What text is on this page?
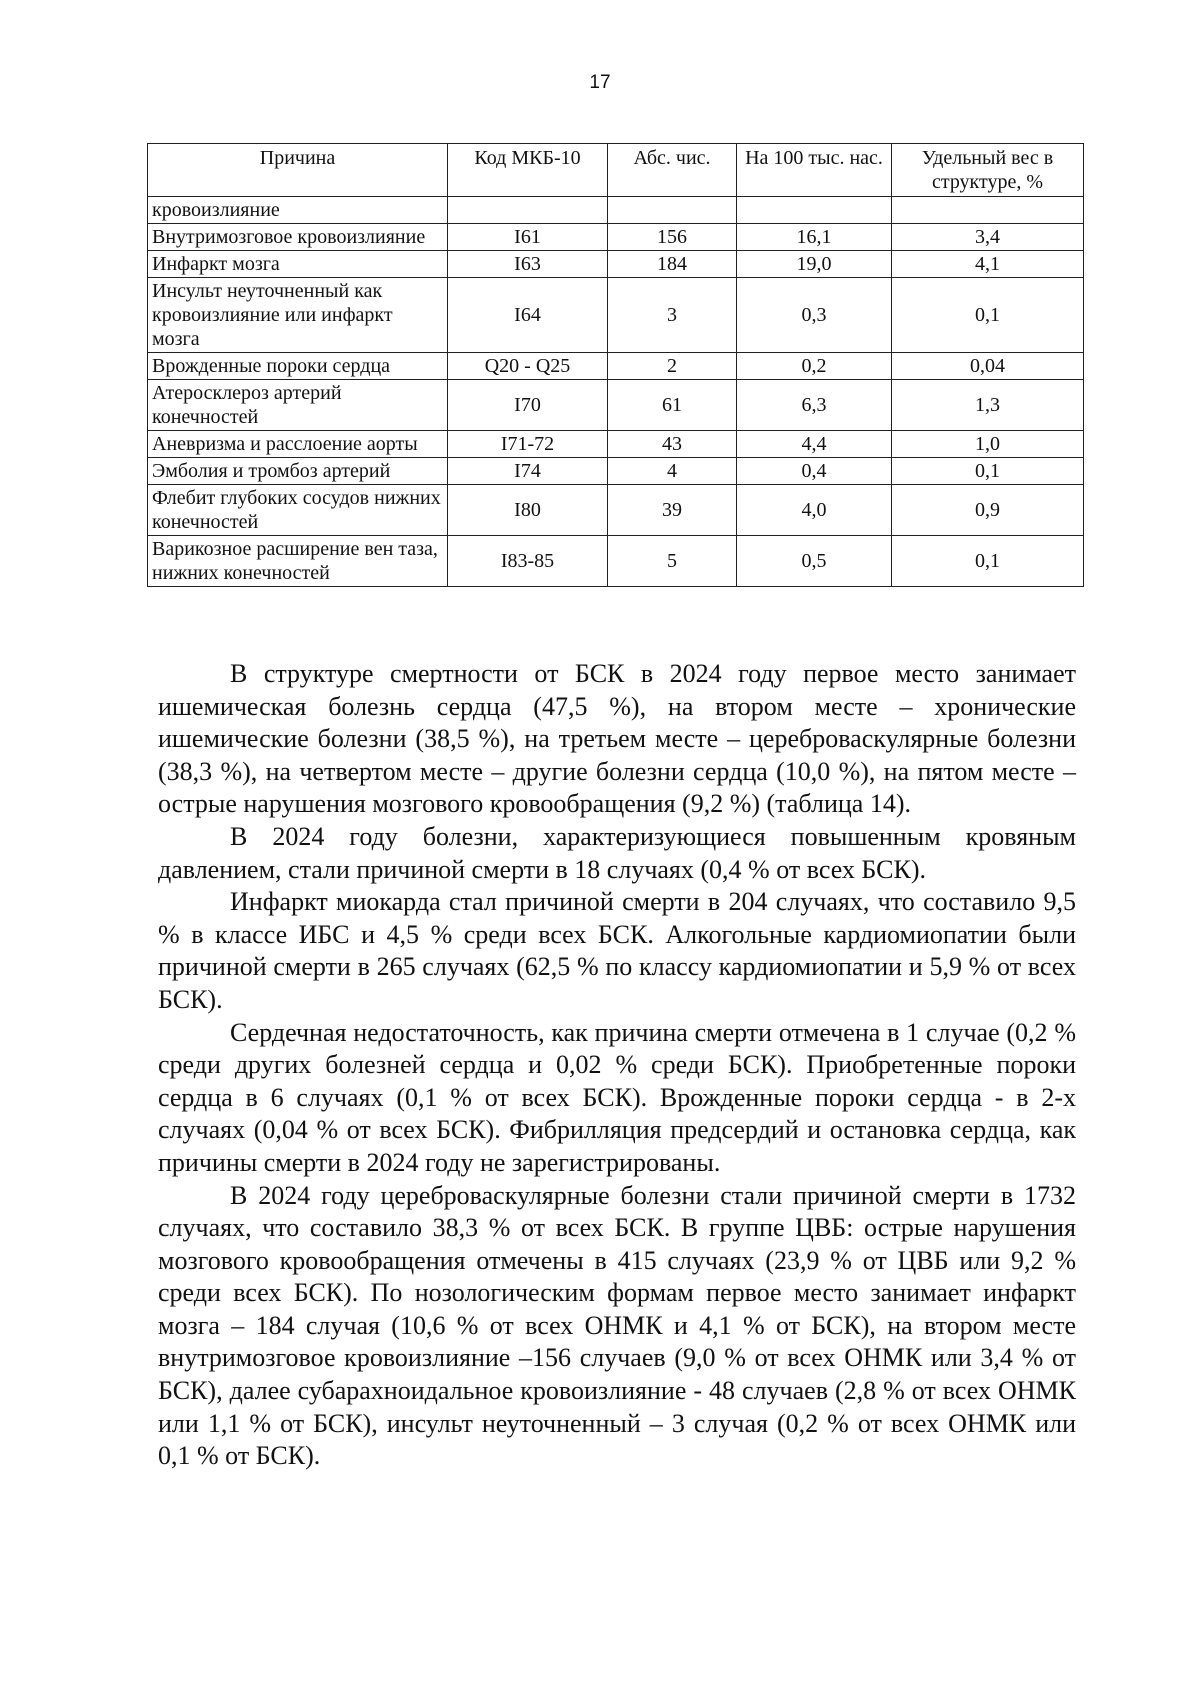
17
Причина	Код МКБ-10	Абс. чис.	На 100 тыс. нас.	Удельный вес в структуре, %
кровоизлияние				
Внутримозговое кровоизлияние	I61	156	16,1	3,4
Инфаркт мозга	I63	184	19,0	4,1
Инсульт неуточненный как кровоизлияние или инфаркт мозга	I64	3	0,3	0,1
Врожденные пороки сердца	Q20 - Q25	2	0,2	0,04
Атеросклероз артерий конечностей	I70	61	6,3	1,3
Аневризма и расслоение аорты	I71-72	43	4,4	1,0
Эмболия и тромбоз артерий	I74	4	0,4	0,1
Флебит глубоких сосудов нижних конечностей	I80	39	4,0	0,9
Варикозное расширение вен таза, нижних конечностей	I83-85	5	0,5	0,1

В структуре смертности от БСК в 2024 году первое место занимает ишемическая болезнь сердца (47,5 %), на втором месте – хронические ишемические болезни (38,5 %), на третьем месте – цереброваскулярные болезни (38,3 %), на четвертом месте – другие болезни сердца (10,0 %), на пятом месте – острые нарушения мозгового кровообращения (9,2 %) (таблица 14).

В 2024 году болезни, характеризующиеся повышенным кровяным давлением, стали причиной смерти в 18 случаях (0,4 % от всех БСК).

Инфаркт миокарда стал причиной смерти в 204 случаях, что составило 9,5 % в классе ИБС и 4,5 % среди всех БСК. Алкогольные кардиомиопатии были причиной смерти в 265 случаях (62,5 % по классу кардиомиопатии и 5,9 % от всех БСК).

Сердечная недостаточность, как причина смерти отмечена в 1 случае (0,2 % среди других болезней сердца и 0,02 % среди БСК). Приобретенные пороки сердца в 6 случаях (0,1 % от всех БСК). Врожденные пороки сердца - в 2-х случаях (0,04 % от всех БСК). Фибрилляция предсердий и остановка сердца, как причины смерти в 2024 году не зарегистрированы.

В 2024 году цереброваскулярные болезни стали причиной смерти в 1732 случаях, что составило 38,3 % от всех БСК. В группе ЦВБ: острые нарушения мозгового кровообращения отмечены в 415 случаях (23,9 % от ЦВБ или 9,2 % среди всех БСК). По нозологическим формам первое место занимает инфаркт мозга – 184 случая (10,6 % от всех ОНМК и 4,1 % от БСК), на втором месте внутримозговое кровоизлияние –156 случаев (9,0 % от всех ОНМК или 3,4 % от БСК), далее субарахноидальное кровоизлияние - 48 случаев (2,8 % от всех ОНМК или 1,1 % от БСК), инсульт неуточненный – 3 случая (0,2 % от всех ОНМК или 0,1 % от БСК).
